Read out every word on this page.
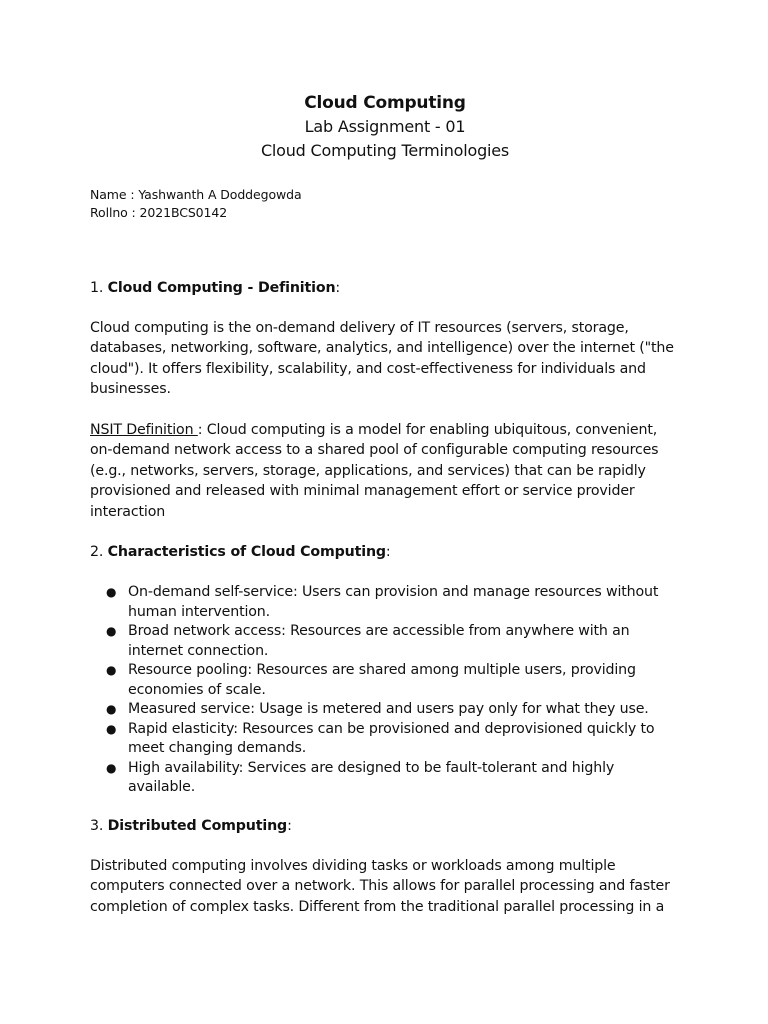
Cloud Computing
Lab Assignment - 01
Cloud Computing Terminologies
Name : Yashwanth A Doddegowda
Rollno : 2021BCS0142

1. Cloud Computing - Definition:

Cloud computing is the on-demand delivery of IT resources (servers, storage, databases, networking, software, analytics, and intelligence) over the internet ("the cloud"). It offers flexibility, scalability, and cost-effectiveness for individuals and businesses.

NSIT Definition : Cloud computing is a model for enabling ubiquitous, convenient, on-demand network access to a shared pool of configurable computing resources (e.g., networks, servers, storage, applications, and services) that can be rapidly provisioned and released with minimal management effort or service provider interaction

2. Characteristics of Cloud Computing:

● On-demand self-service: Users can provision and manage resources without human intervention.
● Broad network access: Resources are accessible from anywhere with an internet connection.
● Resource pooling: Resources are shared among multiple users, providing economies of scale.
● Measured service: Usage is metered and users pay only for what they use.
● Rapid elasticity: Resources can be provisioned and deprovisioned quickly to meet changing demands.
● High availability: Services are designed to be fault-tolerant and highly available.

3. Distributed Computing:

Distributed computing involves dividing tasks or workloads among multiple computers connected over a network. This allows for parallel processing and faster completion of complex tasks. Different from the traditional parallel processing in a
